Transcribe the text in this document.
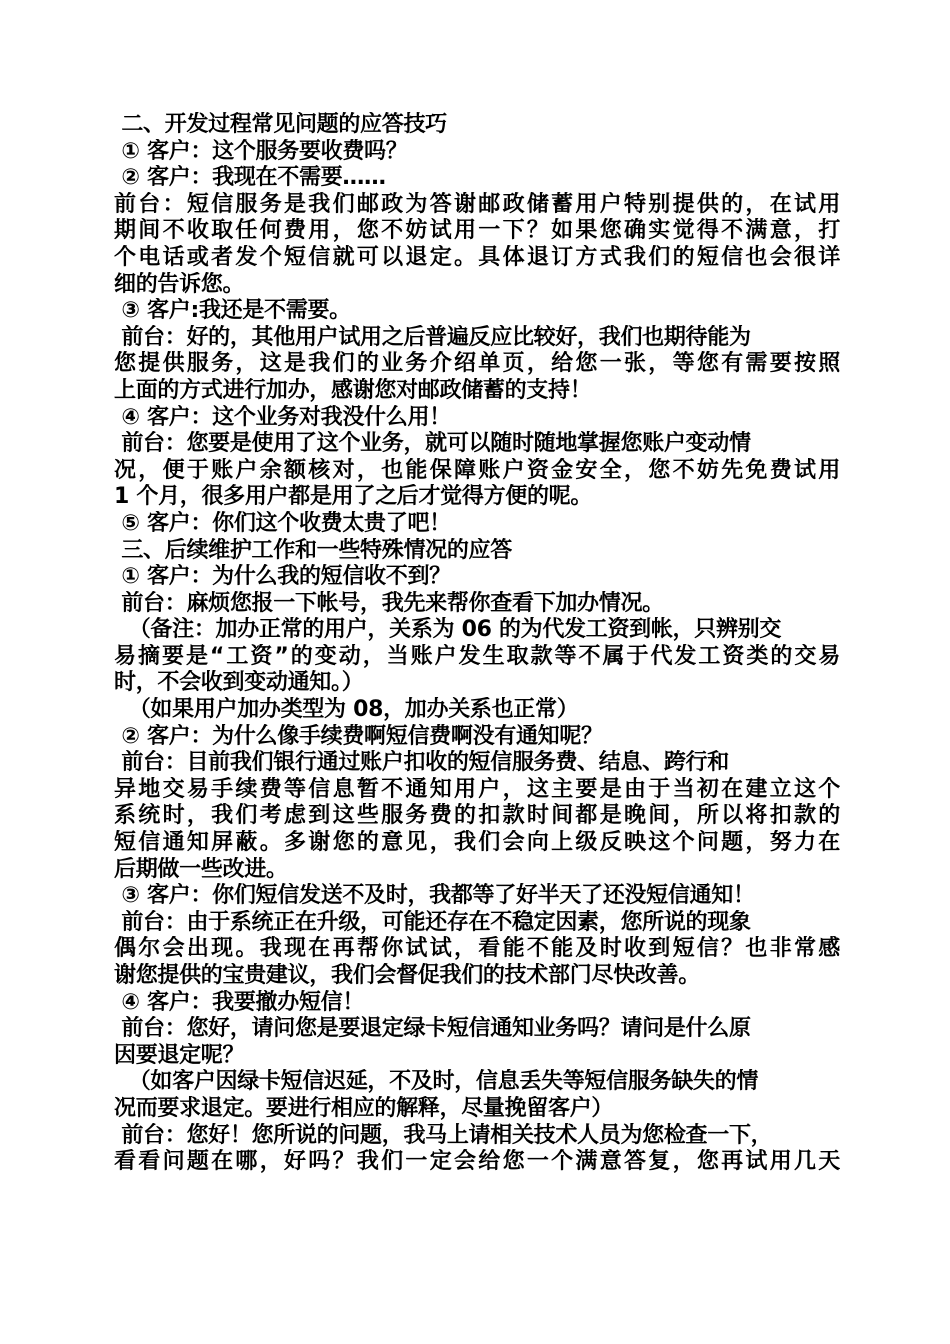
二、开发过程常见问题的应答技巧
① 客户：这个服务要收费吗？
② 客户：我现在不需要……
前台：短信服务是我们邮政为答谢邮政储蓄用户特别提供的，在试用
期间不收取任何费用，您不妨试用一下？如果您确实觉得不满意，打
个电话或者发个短信就可以退定。具体退订方式我们的短信也会很详
细的告诉您。
③ 客户:我还是不需要。
前台：好的，其他用户试用之后普遍反应比较好，我们也期待能为
您提供服务，这是我们的业务介绍单页，给您一张，等您有需要按照
上面的方式进行加办，感谢您对邮政储蓄的支持！
④ 客户：这个业务对我没什么用！
前台：您要是使用了这个业务，就可以随时随地掌握您账户变动情
况，便于账户余额核对，也能保障账户资金安全，您不妨先免费试用
1 个月，很多用户都是用了之后才觉得方便的呢。
⑤ 客户：你们这个收费太贵了吧！
三、后续维护工作和一些特殊情况的应答
① 客户：为什么我的短信收不到？
前台：麻烦您报一下帐号，我先来帮你查看下加办情况。
（备注：加办正常的用户，关系为 06 的为代发工资到帐，只辨别交
易摘要是“工资”的变动，当账户发生取款等不属于代发工资类的交易
时，不会收到变动通知。）
（如果用户加办类型为 08，加办关系也正常）
② 客户：为什么像手续费啊短信费啊没有通知呢？
前台：目前我们银行通过账户扣收的短信服务费、结息、跨行和
异地交易手续费等信息暂不通知用户，这主要是由于当初在建立这个
系统时，我们考虑到这些服务费的扣款时间都是晚间，所以将扣款的
短信通知屏蔽。多谢您的意见，我们会向上级反映这个问题，努力在
后期做一些改进。
③ 客户：你们短信发送不及时，我都等了好半天了还没短信通知！
前台：由于系统正在升级，可能还存在不稳定因素，您所说的现象
偶尔会出现。我现在再帮你试试，看能不能及时收到短信？也非常感
谢您提供的宝贵建议，我们会督促我们的技术部门尽快改善。
④ 客户：我要撤办短信！
前台：您好，请问您是要退定绿卡短信通知业务吗？请问是什么原
因要退定呢？
（如客户因绿卡短信迟延，不及时，信息丢失等短信服务缺失的情
况而要求退定。要进行相应的解释，尽量挽留客户）
前台：您好！您所说的问题，我马上请相关技术人员为您检查一下，
看看问题在哪，好吗？我们一定会给您一个满意答复，您再试用几天
